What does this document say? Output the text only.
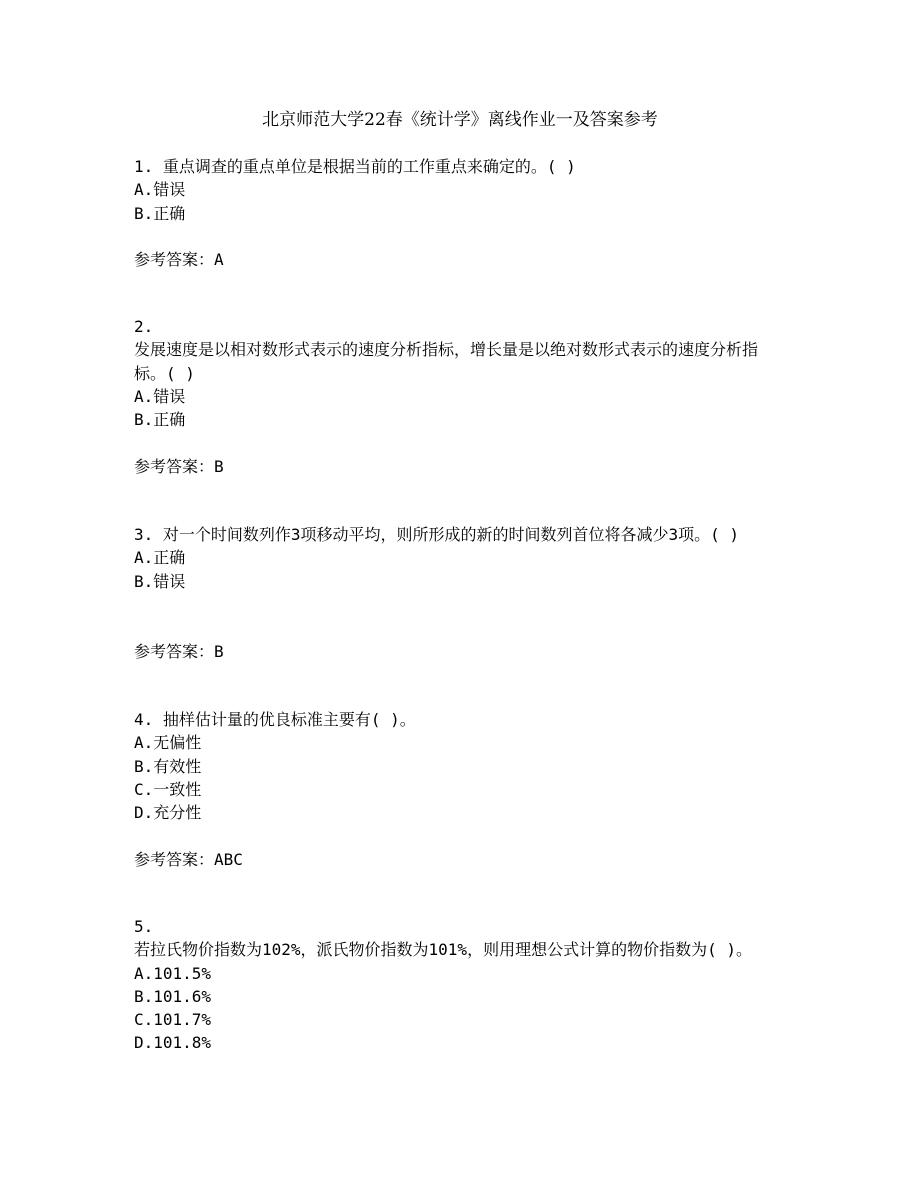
北京师范大学22春《统计学》离线作业一及答案参考
1. 重点调查的重点单位是根据当前的工作重点来确定的。( )
A.错误
B.正确
参考答案：A
2.
发展速度是以相对数形式表示的速度分析指标，增长量是以绝对数形式表示的速度分析指标。( )
A.错误
B.正确
参考答案：B
3. 对一个时间数列作3项移动平均，则所形成的新的时间数列首位将各减少3项。( )
A.正确
B.错误
参考答案：B
4. 抽样估计量的优良标准主要有( )。
A.无偏性
B.有效性
C.一致性
D.充分性
参考答案：ABC
5.
若拉氏物价指数为102%，派氏物价指数为101%，则用理想公式计算的物价指数为( )。
A.101.5%
B.101.6%
C.101.7%
D.101.8%
